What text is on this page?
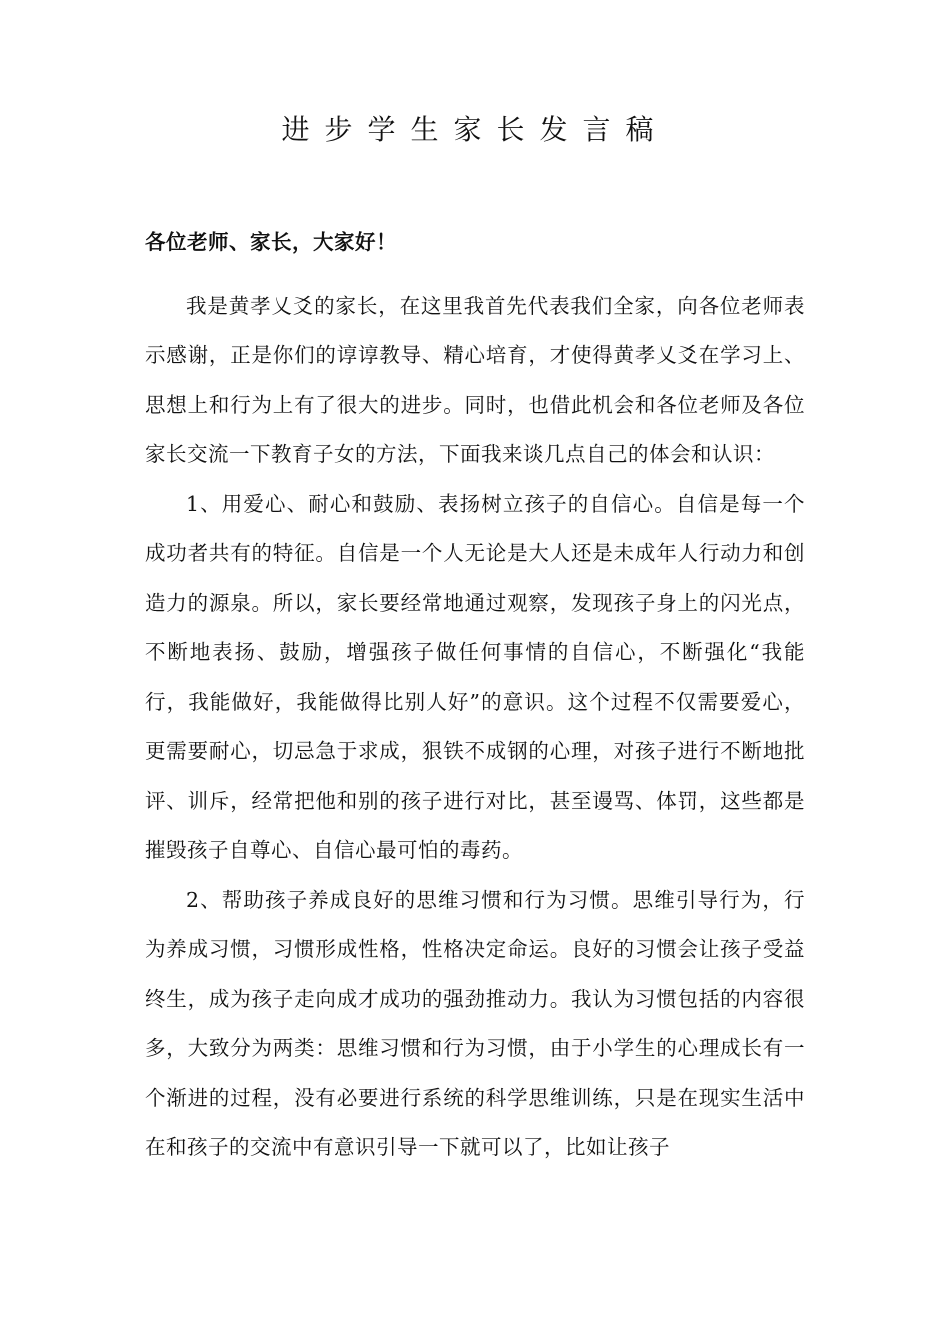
进步学生家长发言稿

各位老师、家长，大家好！

我是黄孝乂爻的家长，在这里我首先代表我们全家，向各位老师表示感谢，正是你们的谆谆教导、精心培育，才使得黄孝乂爻在学习上、思想上和行为上有了很大的进步。同时，也借此机会和各位老师及各位家长交流一下教育子女的方法，下面我来谈几点自己的体会和认识：

1、用爱心、耐心和鼓励、表扬树立孩子的自信心。自信是每一个成功者共有的特征。自信是一个人无论是大人还是未成年人行动力和创造力的源泉。所以，家长要经常地通过观察，发现孩子身上的闪光点，不断地表扬、鼓励，增强孩子做任何事情的自信心，不断强化“我能行，我能做好，我能做得比别人好”的意识。这个过程不仅需要爱心，更需要耐心，切忌急于求成，狠铁不成钢的心理，对孩子进行不断地批评、训斥，经常把他和别的孩子进行对比，甚至谩骂、体罚，这些都是摧毁孩子自尊心、自信心最可怕的毒药。

2、帮助孩子养成良好的思维习惯和行为习惯。思维引导行为，行为养成习惯，习惯形成性格，性格决定命运。良好的习惯会让孩子受益终生，成为孩子走向成才成功的强劲推动力。我认为习惯包括的内容很多，大致分为两类：思维习惯和行为习惯，由于小学生的心理成长有一个渐进的过程，没有必要进行系统的科学思维训练，只是在现实生活中在和孩子的交流中有意识引导一下就可以了，比如让孩子
